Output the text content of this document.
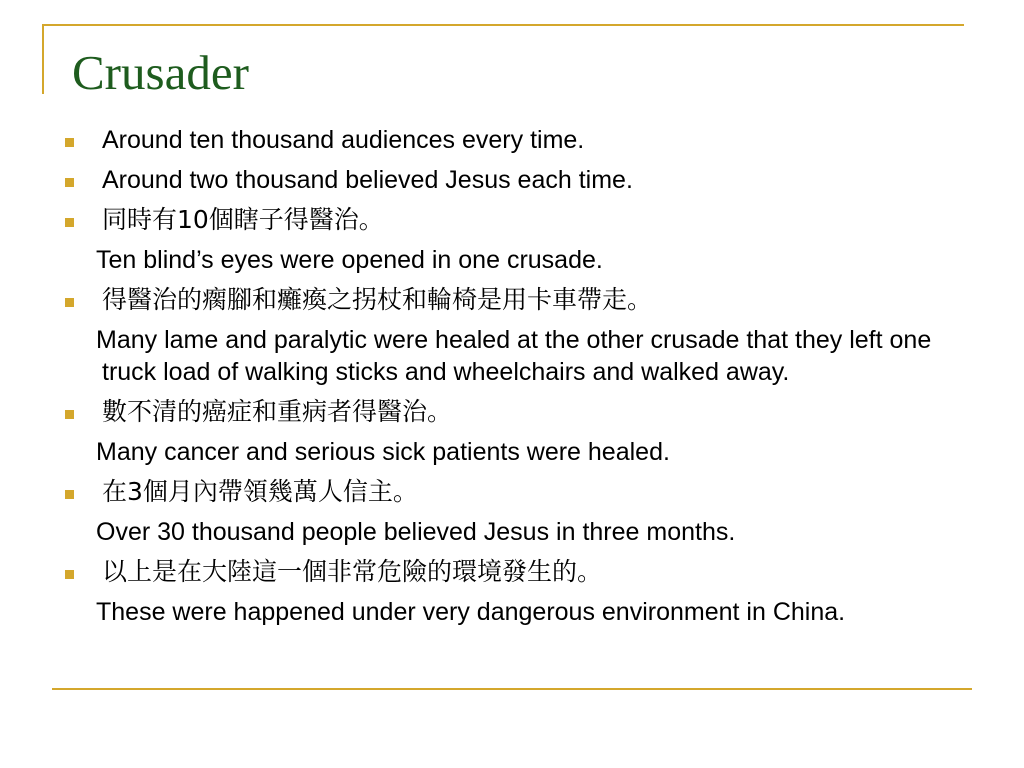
Crusader
Around ten thousand audiences every time.
Around two thousand believed Jesus each time.
同時有10個瞎子得醫治。
Ten blind’s eyes were opened in one crusade.
得醫治的瘸腳和癱瘓之拐杖和輪椅是用卡車帶走。
Many lame and paralytic were healed at the other crusade that they left one truck load of walking sticks and wheelchairs and walked away.
數不清的癌症和重病者得醫治。
Many cancer and serious sick patients were healed.
在3個月內帶領幾萬人信主。
Over 30 thousand people believed Jesus in three months.
以上是在大陸這一個非常危險的環境發生的。
These were happened under very dangerous environment in China.
